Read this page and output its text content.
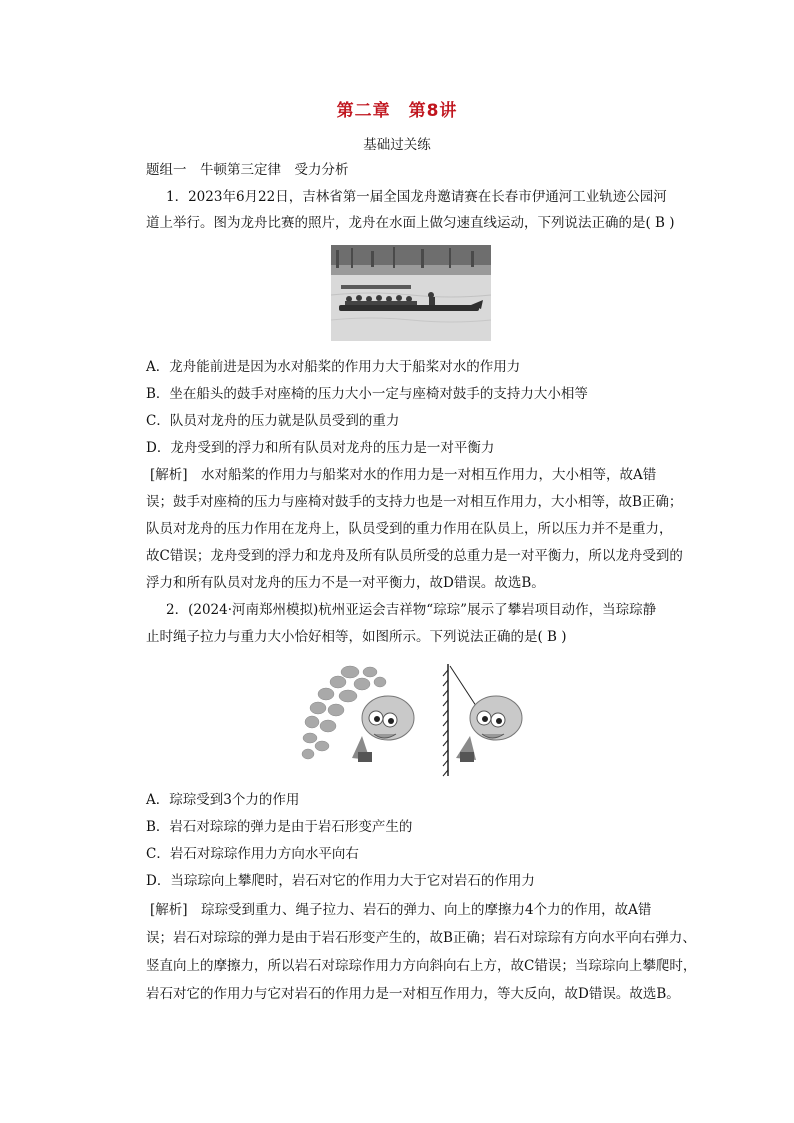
第二章　第8讲
基础过关练
题组一　牛顿第三定律　受力分析
1．2023年6月22日，吉林省第一届全国龙舟邀请赛在长春市伊通河工业轨迹公园河
道上举行。图为龙舟比赛的照片，龙舟在水面上做匀速直线运动，下列说法正确的是( B )
A．龙舟能前进是因为水对船桨的作用力大于船桨对水的作用力
B．坐在船头的鼓手对座椅的压力大小一定与座椅对鼓手的支持力大小相等
C．队员对龙舟的压力就是队员受到的重力
D．龙舟受到的浮力和所有队员对龙舟的压力是一对平衡力
[解析]　水对船桨的作用力与船桨对水的作用力是一对相互作用力，大小相等，故A错
误；鼓手对座椅的压力与座椅对鼓手的支持力也是一对相互作用力，大小相等，故B正确；
队员对龙舟的压力作用在龙舟上，队员受到的重力作用在队员上，所以压力并不是重力，
故C错误；龙舟受到的浮力和龙舟及所有队员所受的总重力是一对平衡力，所以龙舟受到的
浮力和所有队员对龙舟的压力不是一对平衡力，故D错误。故选B。
2．(2024·河南郑州模拟)杭州亚运会吉祥物“琮琮”展示了攀岩项目动作，当琮琮静
止时绳子拉力与重力大小恰好相等，如图所示。下列说法正确的是( B )
A．琮琮受到3个力的作用
B．岩石对琮琮的弹力是由于岩石形变产生的
C．岩石对琮琮作用力方向水平向右
D．当琮琮向上攀爬时，岩石对它的作用力大于它对岩石的作用力
[解析]　琮琮受到重力、绳子拉力、岩石的弹力、向上的摩擦力4个力的作用，故A错
误；岩石对琮琮的弹力是由于岩石形变产生的，故B正确；岩石对琮琮有方向水平向右弹力、
竖直向上的摩擦力，所以岩石对琮琮作用力方向斜向右上方，故C错误；当琮琮向上攀爬时，
岩石对它的作用力与它对岩石的作用力是一对相互作用力，等大反向，故D错误。故选B。
